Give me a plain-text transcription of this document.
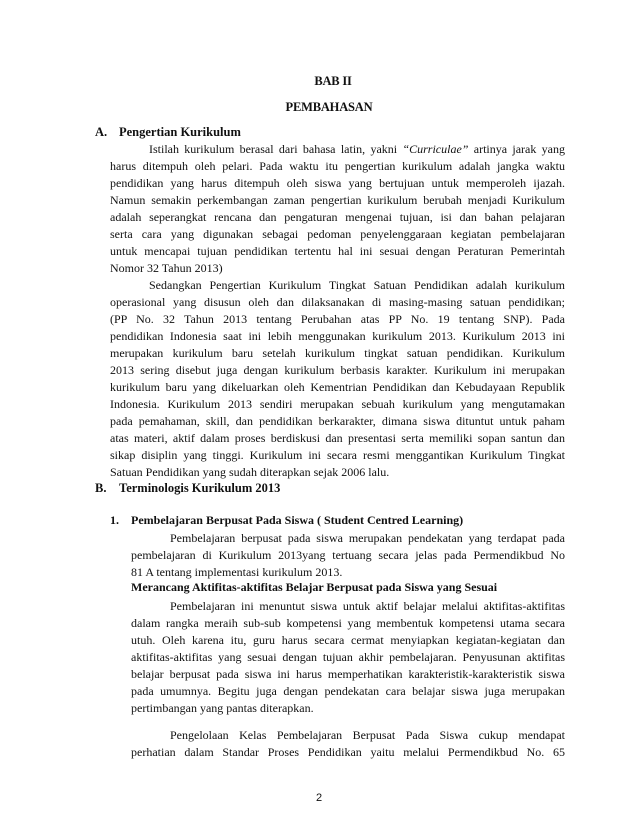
BAB II
PEMBAHASAN
A. Pengertian Kurikulum
Istilah kurikulum berasal dari bahasa latin, yakni “Curriculae” artinya jarak yang
harus ditempuh oleh pelari. Pada waktu itu pengertian kurikulum adalah jangka waktu
pendidikan yang harus ditempuh oleh siswa yang bertujuan untuk memperoleh ijazah.
Namun semakin perkembangan zaman pengertian kurikulum berubah menjadi Kurikulum
adalah seperangkat rencana dan pengaturan mengenai tujuan, isi dan bahan pelajaran
serta cara yang digunakan sebagai pedoman penyelenggaraan kegiatan pembelajaran
untuk mencapai tujuan pendidikan tertentu hal ini sesuai dengan Peraturan Pemerintah
Nomor 32 Tahun 2013)
Sedangkan Pengertian Kurikulum Tingkat Satuan Pendidikan adalah kurikulum
operasional yang disusun oleh dan dilaksanakan di masing-masing satuan pendidikan;
(PP No. 32 Tahun 2013 tentang Perubahan atas PP No. 19 tentang SNP). Pada
pendidikan Indonesia saat ini lebih menggunakan kurikulum 2013. Kurikulum 2013 ini
merupakan kurikulum baru setelah kurikulum tingkat satuan pendidikan. Kurikulum
2013 sering disebut juga dengan kurikulum berbasis karakter. Kurikulum ini merupakan
kurikulum baru yang dikeluarkan oleh Kementrian Pendidikan dan Kebudayaan Republik
Indonesia. Kurikulum 2013 sendiri merupakan sebuah kurikulum yang mengutamakan
pada pemahaman, skill, dan pendidikan berkarakter, dimana siswa dituntut untuk paham
atas materi, aktif dalam proses berdiskusi dan presentasi serta memiliki sopan santun dan
sikap disiplin yang tinggi. Kurikulum ini secara resmi menggantikan Kurikulum Tingkat
Satuan Pendidikan yang sudah diterapkan sejak 2006 lalu.
B. Terminologis Kurikulum 2013
1. Pembelajaran Berpusat Pada Siswa ( Student Centred Learning)
Pembelajaran berpusat pada siswa merupakan pendekatan yang terdapat pada
pembelajaran di Kurikulum 2013yang tertuang secara jelas pada Permendikbud No
81 A tentang implementasi kurikulum 2013.
Merancang Aktifitas-aktifitas Belajar Berpusat pada Siswa yang Sesuai
Pembelajaran ini menuntut siswa untuk aktif belajar melalui aktifitas-aktifitas
dalam rangka meraih sub-sub kompetensi yang membentuk kompetensi utama secara
utuh. Oleh karena itu, guru harus secara cermat menyiapkan kegiatan-kegiatan dan
aktifitas-aktifitas yang sesuai dengan tujuan akhir pembelajaran. Penyusunan aktifitas
belajar berpusat pada siswa ini harus memperhatikan karakteristik-karakteristik siswa
pada umumnya. Begitu juga dengan pendekatan cara belajar siswa juga merupakan
pertimbangan yang pantas diterapkan.
Pengelolaan Kelas Pembelajaran Berpusat Pada Siswa cukup mendapat
perhatian dalam Standar Proses Pendidikan yaitu melalui Permendikbud No. 65
2
